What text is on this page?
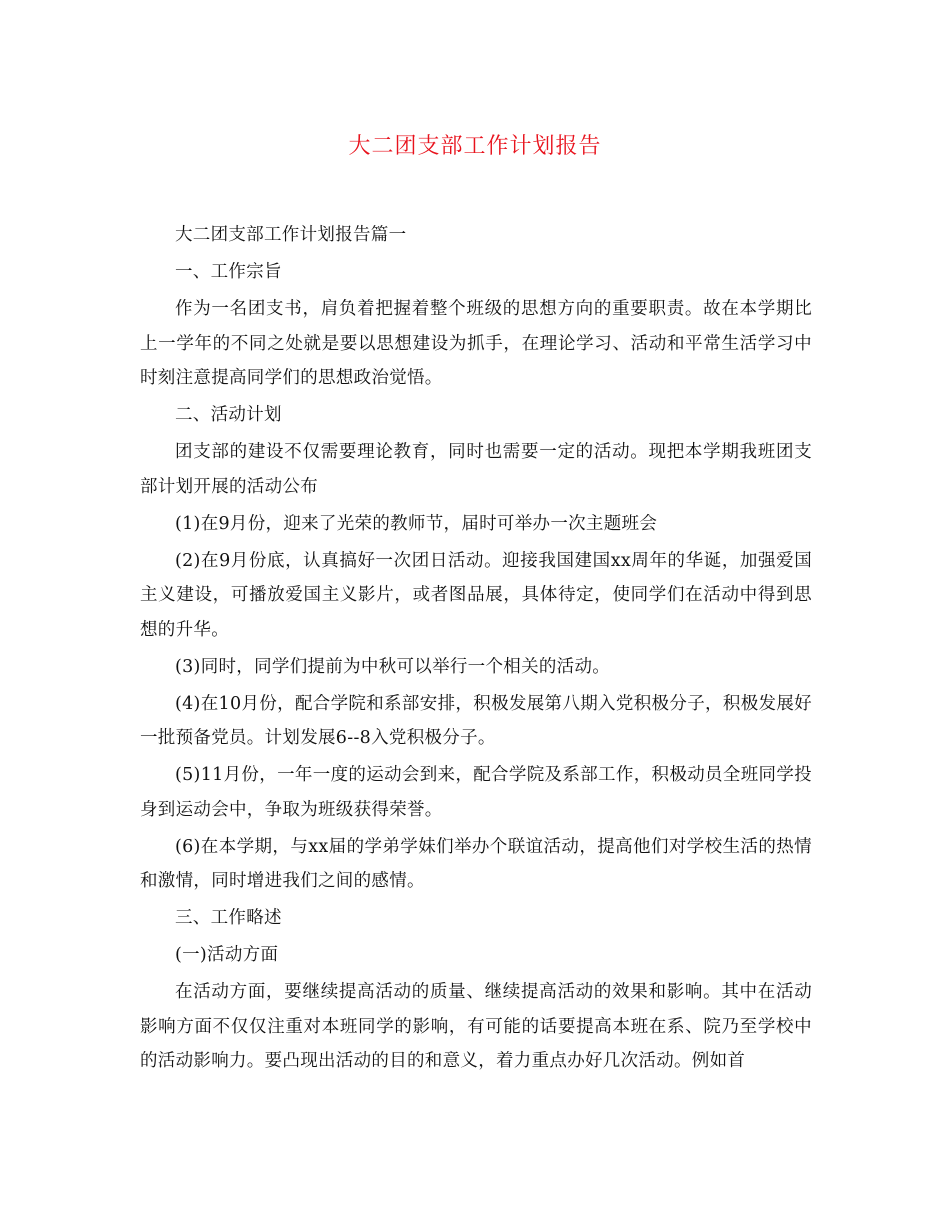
大二团支部工作计划报告

大二团支部工作计划报告篇一

一、工作宗旨

作为一名团支书，肩负着把握着整个班级的思想方向的重要职责。故在本学期比上一学年的不同之处就是要以思想建设为抓手，在理论学习、活动和平常生活学习中时刻注意提高同学们的思想政治觉悟。

二、活动计划

团支部的建设不仅需要理论教育，同时也需要一定的活动。现把本学期我班团支部计划开展的活动公布

(1)在9月份，迎来了光荣的教师节，届时可举办一次主题班会

(2)在9月份底，认真搞好一次团日活动。迎接我国建国xx周年的华诞，加强爱国主义建设，可播放爱国主义影片，或者图品展，具体待定，使同学们在活动中得到思想的升华。

(3)同时，同学们提前为中秋可以举行一个相关的活动。

(4)在10月份，配合学院和系部安排，积极发展第八期入党积极分子，积极发展好一批预备党员。计划发展6--8入党积极分子。

(5)11月份，一年一度的运动会到来，配合学院及系部工作，积极动员全班同学投身到运动会中，争取为班级获得荣誉。

(6)在本学期，与xx届的学弟学妹们举办个联谊活动，提高他们对学校生活的热情和激情，同时增进我们之间的感情。

三、工作略述

(一)活动方面

在活动方面，要继续提高活动的质量、继续提高活动的效果和影响。其中在活动影响方面不仅仅注重对本班同学的影响，有可能的话要提高本班在系、院乃至学校中的活动影响力。要凸现出活动的目的和意义，着力重点办好几次活动。例如首
